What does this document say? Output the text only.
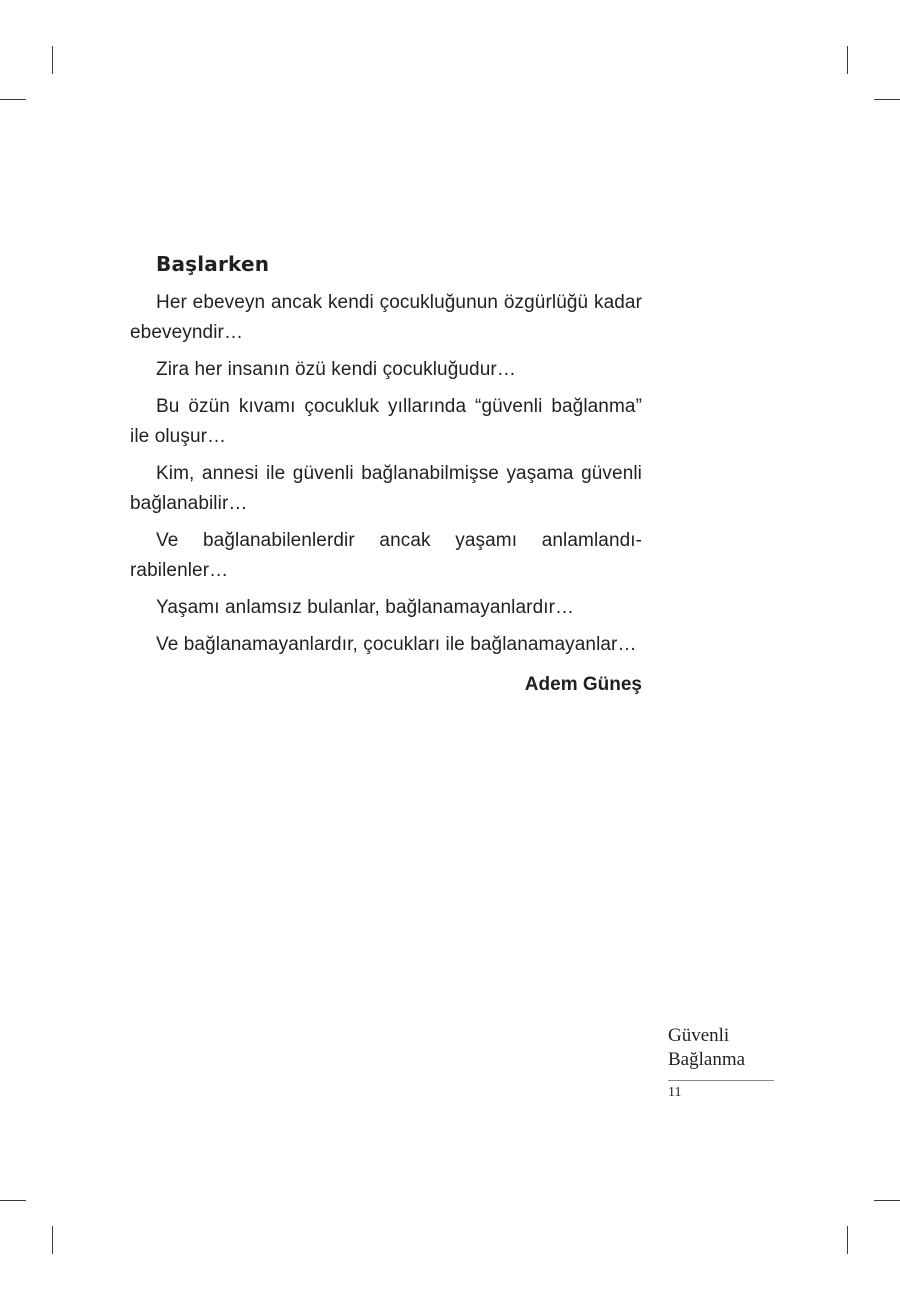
Başlarken

Her ebeveyn ancak kendi çocukluğunun özgürlüğü kadar ebeveyndir…

Zira her insanın özü kendi çocukluğudur…

Bu özün kıvamı çocukluk yıllarında “güvenli bağlanma” ile oluşur…

Kim, annesi ile güvenli bağlanabilmişse yaşama güvenli bağlanabilir…

Ve bağlanabilenlerdir ancak yaşamı anlamlandırabilenler…

Yaşamı anlamsız bulanlar, bağlanamayanlardır…

Ve bağlanamayanlardır, çocukları ile bağlanamayanlar…

Adem Güneş
Güvenli
Bağlanma
11
